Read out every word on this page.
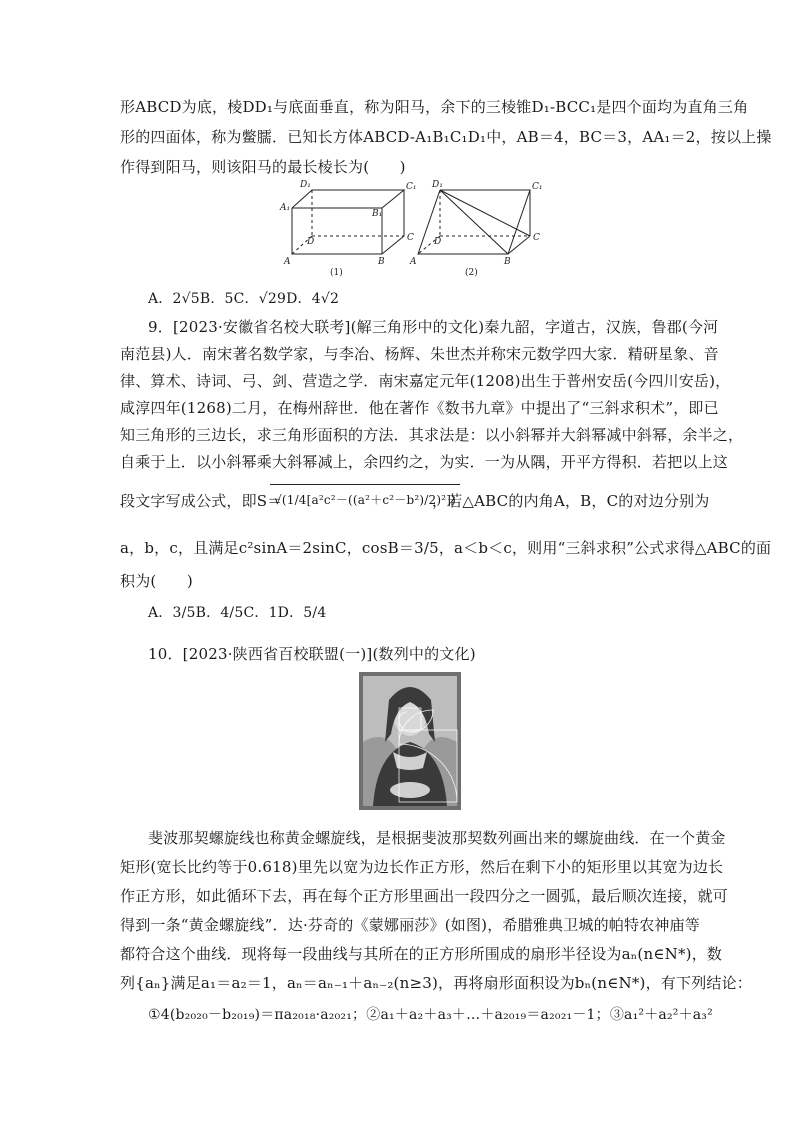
形ABCD为底，棱DD₁与底面垂直，称为阳马，余下的三棱锥D₁-BCC₁是四个面均为直角三角
形的四面体，称为鳖臑．已知长方体ABCD-A₁B₁C₁D₁中，AB＝4，BC＝3，AA₁＝2，按以上操
作得到阳马，则该阳马的最长棱长为(　　)
D₁	C₁
A₁
B₁
D	C
A	B
(1)
D₁	C₁
D	C
A	B
(2)
A．2√5B．5C．√29D．4√2
9．[2023·安徽省名校大联考](解三角形中的文化)秦九韶，字道古，汉族，鲁郡(今河
南范县)人．南宋著名数学家，与李冶、杨辉、朱世杰并称宋元数学四大家．精研星象、音
律、算术、诗词、弓、剑、营造之学．南宋嘉定元年(1208)出生于普州安岳(今四川安岳)，
咸淳四年(1268)二月，在梅州辞世．他在著作《数书九章》中提出了“三斜求积术”，即已
知三角形的三边长，求三角形面积的方法．其求法是：以小斜幂并大斜幂减中斜幂，余半之，
自乘于上．以小斜幂乘大斜幂减上，余四约之，为实．一为从隅，开平方得积．若把以上这
段文字写成公式，即S＝
√(1/4[a²c²－((a²＋c²－b²)/2)²])
，若△ABC的内角A，B，C的对边分别为
a，b，c，且满足c²sinA＝2sinC，cosB＝3/5，a＜b＜c，则用“三斜求积”公式求得△ABC的面
积为(　　)
A．3/5B．4/5C．1D．5/4
10．[2023·陕西省百校联盟(一)](数列中的文化)
斐波那契螺旋线也称黄金螺旋线，是根据斐波那契数列画出来的螺旋曲线．在一个黄金
矩形(宽长比约等于0.618)里先以宽为边长作正方形，然后在剩下小的矩形里以其宽为边长
作正方形，如此循环下去，再在每个正方形里画出一段四分之一圆弧，最后顺次连接，就可
得到一条“黄金螺旋线”．达·芬奇的《蒙娜丽莎》(如图)，希腊雅典卫城的帕特农神庙等
都符合这个曲线．现将每一段曲线与其所在的正方形所围成的扇形半径设为aₙ(n∈N*)，数
列{aₙ}满足a₁＝a₂＝1，aₙ＝aₙ₋₁＋aₙ₋₂(n≥3)，再将扇形面积设为bₙ(n∈N*)，有下列结论：
①4(b₂₀₂₀－b₂₀₁₉)＝πa₂₀₁₈·a₂₀₂₁；②a₁＋a₂＋a₃＋…＋a₂₀₁₉＝a₂₀₂₁－1；③a₁²＋a₂²＋a₃²
